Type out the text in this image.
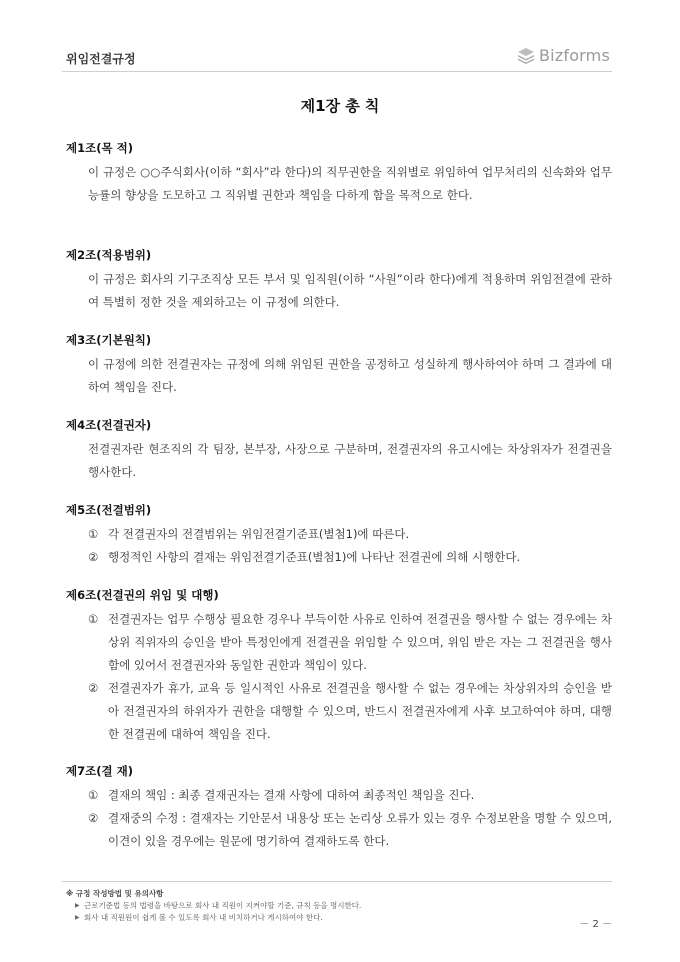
위임전결규정	Bizforms
제1장 총 칙
제1조(목 적)
이 규정은 ○○주식회사(이하 “회사”라 한다)의 직무권한을 직위별로 위임하여 업무처리의 신속화와 업무능률의 향상을 도모하고 그 직위별 권한과 책임을 다하게 함을 목적으로 한다.
제2조(적용범위)
이 규정은 회사의 기구조직상 모든 부서 및 임직원(이하 “사원”이라 한다)에게 적용하며 위임전결에 관하여 특별히 정한 것을 제외하고는 이 규정에 의한다.
제3조(기본원칙)
이 규정에 의한 전결권자는 규정에 의해 위임된 권한을 공정하고 성실하게 행사하여야 하며 그 결과에 대하여 책임을 진다.
제4조(전결권자)
전결권자란 현조직의 각 팀장, 본부장, 사장으로 구분하며, 전결권자의 유고시에는 차상위자가 전결권을 행사한다.
제5조(전결범위)
① 각 전결권자의 전결범위는 위임전결기준표(별첨1)에 따른다.
② 행정적인 사항의 결재는 위임전결기준표(별첨1)에 나타난 전결권에 의해 시행한다.
제6조(전결권의 위임 및 대행)
① 전결권자는 업무 수행상 필요한 경우나 부득이한 사유로 인하여 전결권을 행사할 수 없는 경우에는 차상위 직위자의 승인을 받아 특정인에게 전결권을 위임할 수 있으며, 위임 받은 자는 그 전결권을 행사함에 있어서 전결권자와 동일한 권한과 책임이 있다.
② 전결권자가 휴가, 교육 등 일시적인 사유로 전결권을 행사할 수 없는 경우에는 차상위자의 승인을 받아 전결권자의 하위자가 권한을 대행할 수 있으며, 반드시 전결권자에게 사후 보고하여야 하며, 대행한 전결권에 대하여 책임을 진다.
제7조(결 재)
① 결재의 책임 : 최종 결재권자는 결재 사항에 대하여 최종적인 책임을 진다.
② 결재중의 수정 : 결재자는 기안문서 내용상 또는 논리상 오류가 있는 경우 수정보완을 명할 수 있으며, 이견이 있을 경우에는 원문에 명기하여 결재하도록 한다.
※ 규정 작성방법 및 유의사항
▶ 근로기준법 등의 법령을 바탕으로 회사 내 직원이 지켜야할 기준, 규칙 등을 명시한다.
▶ 회사 내 직원원이 쉽게 볼 수 있도록 회사 내 비치하거나 게시하여야 한다.
－ 2 －
